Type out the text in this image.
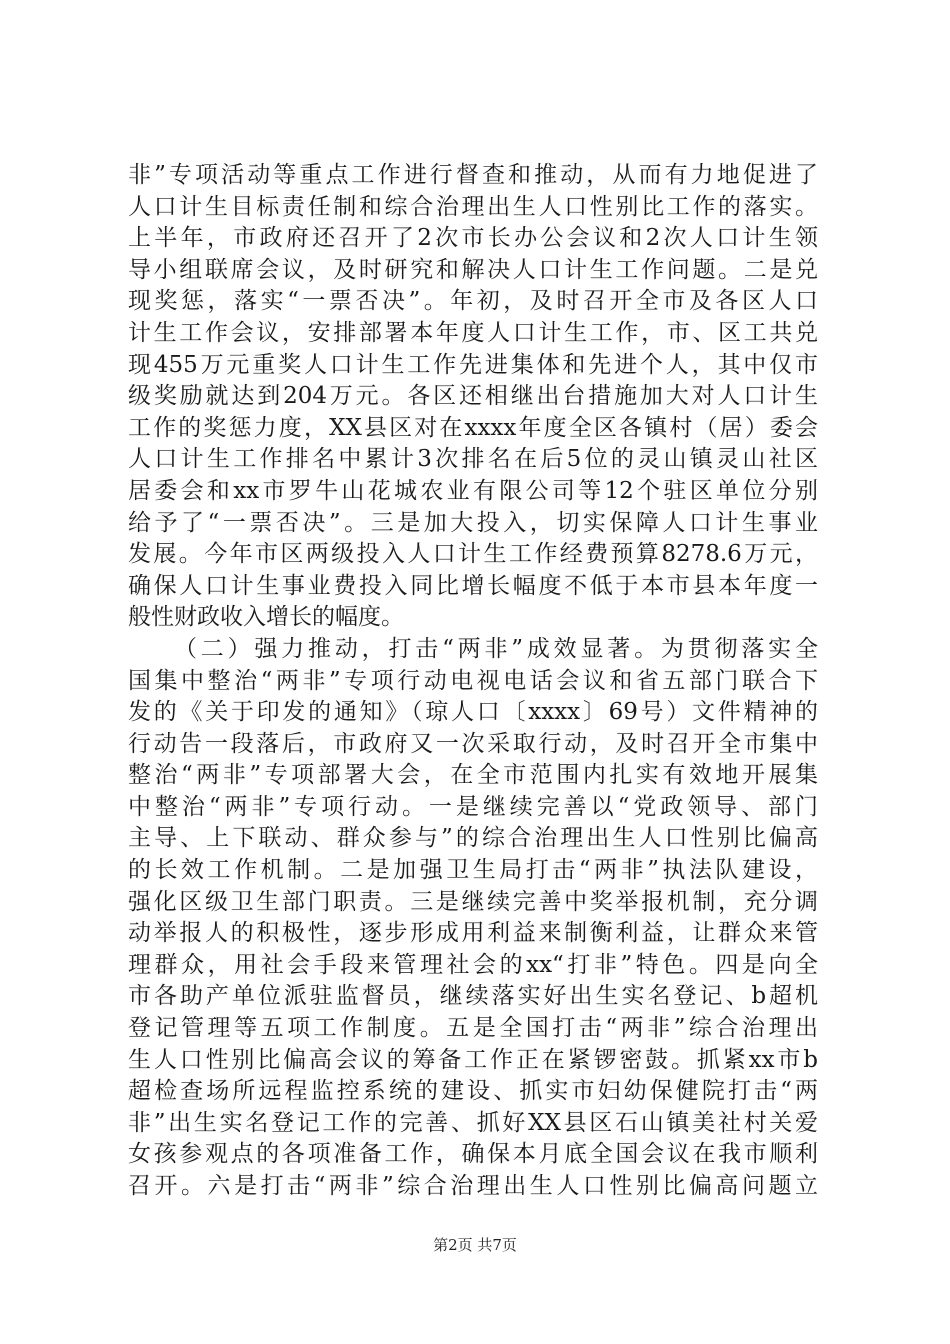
非”专项活动等重点工作进行督查和推动，从而有力地促进了
人口计生目标责任制和综合治理出生人口性别比工作的落实。
上半年，市政府还召开了2次市长办公会议和2次人口计生领
导小组联席会议，及时研究和解决人口计生工作问题。二是兑
现奖惩，落实“一票否决”。年初，及时召开全市及各区人口
计生工作会议，安排部署本年度人口计生工作，市、区工共兑
现455万元重奖人口计生工作先进集体和先进个人，其中仅市
级奖励就达到204万元。各区还相继出台措施加大对人口计生
工作的奖惩力度，XX县区对在xxxx年度全区各镇村（居）委会
人口计生工作排名中累计3次排名在后5位的灵山镇灵山社区
居委会和xx市罗牛山花城农业有限公司等12个驻区单位分别
给予了“一票否决”。三是加大投入，切实保障人口计生事业
发展。今年市区两级投入人口计生工作经费预算8278.6万元，
确保人口计生事业费投入同比增长幅度不低于本市县本年度一
般性财政收入增长的幅度。
（二）强力推动，打击“两非”成效显著。为贯彻落实全
国集中整治“两非”专项行动电视电话会议和省五部门联合下
发的《关于印发的通知》（琼人口〔xxxx〕69号）文件精神的
行动告一段落后，市政府又一次采取行动，及时召开全市集中
整治“两非”专项部署大会，在全市范围内扎实有效地开展集
中整治“两非”专项行动。一是继续完善以“党政领导、部门
主导、上下联动、群众参与”的综合治理出生人口性别比偏高
的长效工作机制。二是加强卫生局打击“两非”执法队建设，
强化区级卫生部门职责。三是继续完善中奖举报机制，充分调
动举报人的积极性，逐步形成用利益来制衡利益，让群众来管
理群众，用社会手段来管理社会的xx“打非”特色。四是向全
市各助产单位派驻监督员，继续落实好出生实名登记、b超机
登记管理等五项工作制度。五是全国打击“两非”综合治理出
生人口性别比偏高会议的筹备工作正在紧锣密鼓。抓紧xx市b
超检查场所远程监控系统的建设、抓实市妇幼保健院打击“两
非”出生实名登记工作的完善、抓好XX县区石山镇美社村关爱
女孩参观点的各项准备工作，确保本月底全国会议在我市顺利
召开。六是打击“两非”综合治理出生人口性别比偏高问题立
第2页 共7页
